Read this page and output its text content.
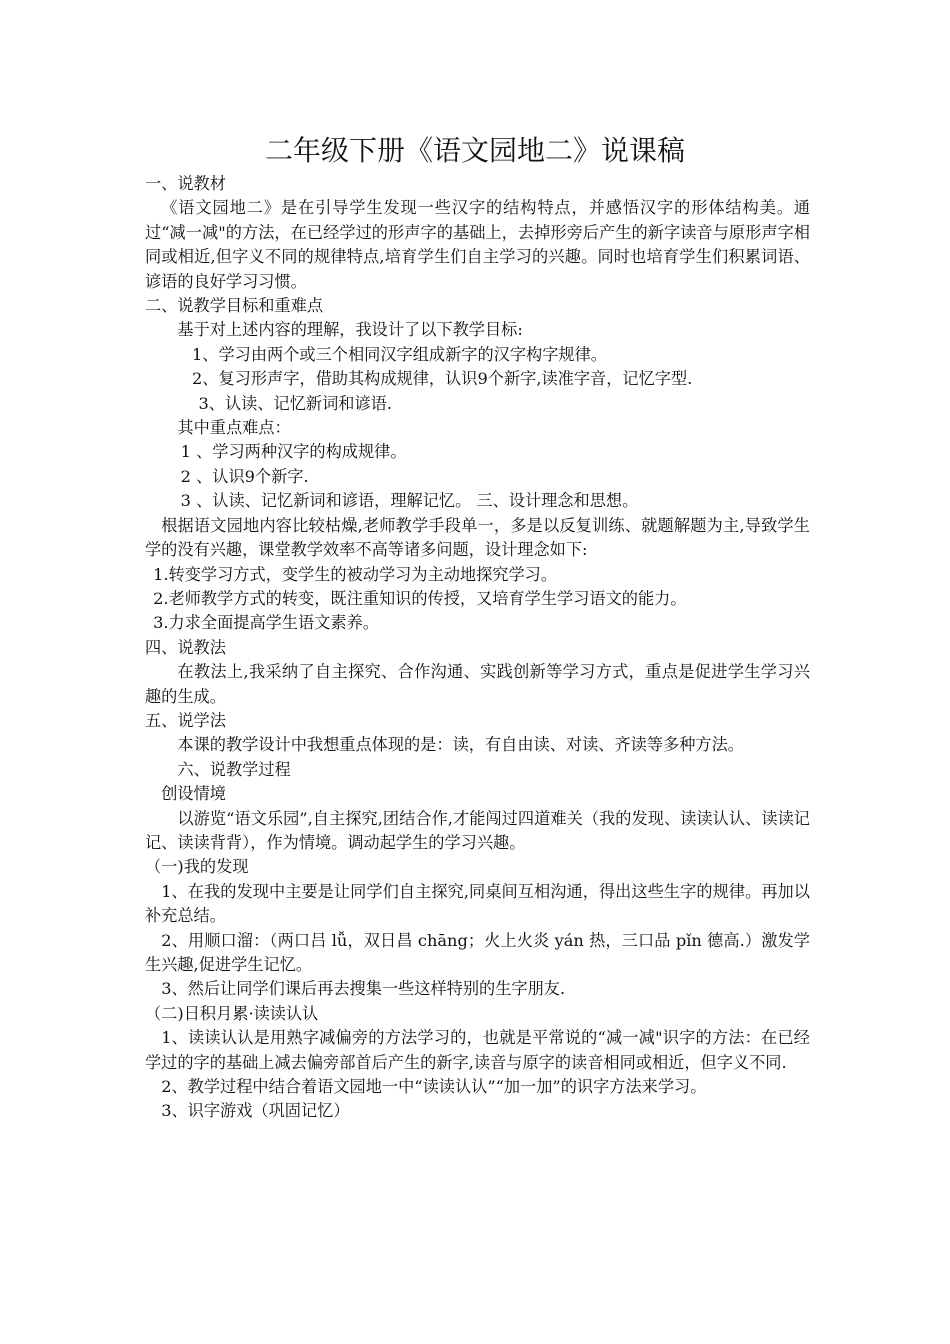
二年级下册《语文园地二》说课稿

一、说教材

《语文园地二》是在引导学生发现一些汉字的结构特点，并感悟汉字的形体结构美。通过“减一减"的方法，在已经学过的形声字的基础上，去掉形旁后产生的新字读音与原形声字相同或相近,但字义不同的规律特点,培育学生们自主学习的兴趣。同时也培育学生们积累词语、谚语的良好学习习惯。

二、说教学目标和重难点

基于对上述内容的理解，我设计了以下教学目标:

1、学习由两个或三个相同汉字组成新字的汉字构字规律。

2、复习形声字，借助其构成规律，认识9个新字,读准字音，记忆字型.

3、认读、记忆新词和谚语.

其中重点难点：

1 、学习两种汉字的构成规律。

2 、认识9个新字.

3 、认读、记忆新词和谚语，理解记忆。 三、设计理念和思想。

根据语文园地内容比较枯燥,老师教学手段单一，多是以反复训练、就题解题为主,导致学生学的没有兴趣，课堂教学效率不高等诸多问题，设计理念如下:

1.转变学习方式，变学生的被动学习为主动地探究学习。

2.老师教学方式的转变，既注重知识的传授，又培育学生学习语文的能力。

3.力求全面提高学生语文素养。

四、说教法

在教法上,我采纳了自主探究、合作沟通、实践创新等学习方式，重点是促进学生学习兴趣的生成。

五、说学法

本课的教学设计中我想重点体现的是：读，有自由读、对读、齐读等多种方法。

六、说教学过程

创设情境

以游览“语文乐园”,自主探究,团结合作,才能闯过四道难关（我的发现、读读认认、读读记记、读读背背），作为情境。调动起学生的学习兴趣。

（一)我的发现

1、在我的发现中主要是让同学们自主探究,同桌间互相沟通，得出这些生字的规律。再加以补充总结。

2、用顺口溜：（两口吕 lǚ，双日昌 chāng；火上火炎 yán 热，三口品 pǐn 德高.）激发学生兴趣,促进学生记忆。

3、然后让同学们课后再去搜集一些这样特别的生字朋友.

（二)日积月累·读读认认

1、读读认认是用熟字减偏旁的方法学习的，也就是平常说的“减一减"识字的方法：在已经学过的字的基础上减去偏旁部首后产生的新字,读音与原字的读音相同或相近，但字义不同.

2、教学过程中结合着语文园地一中“读读认认”“加一加”的识字方法来学习。

3、识字游戏（巩固记忆）
